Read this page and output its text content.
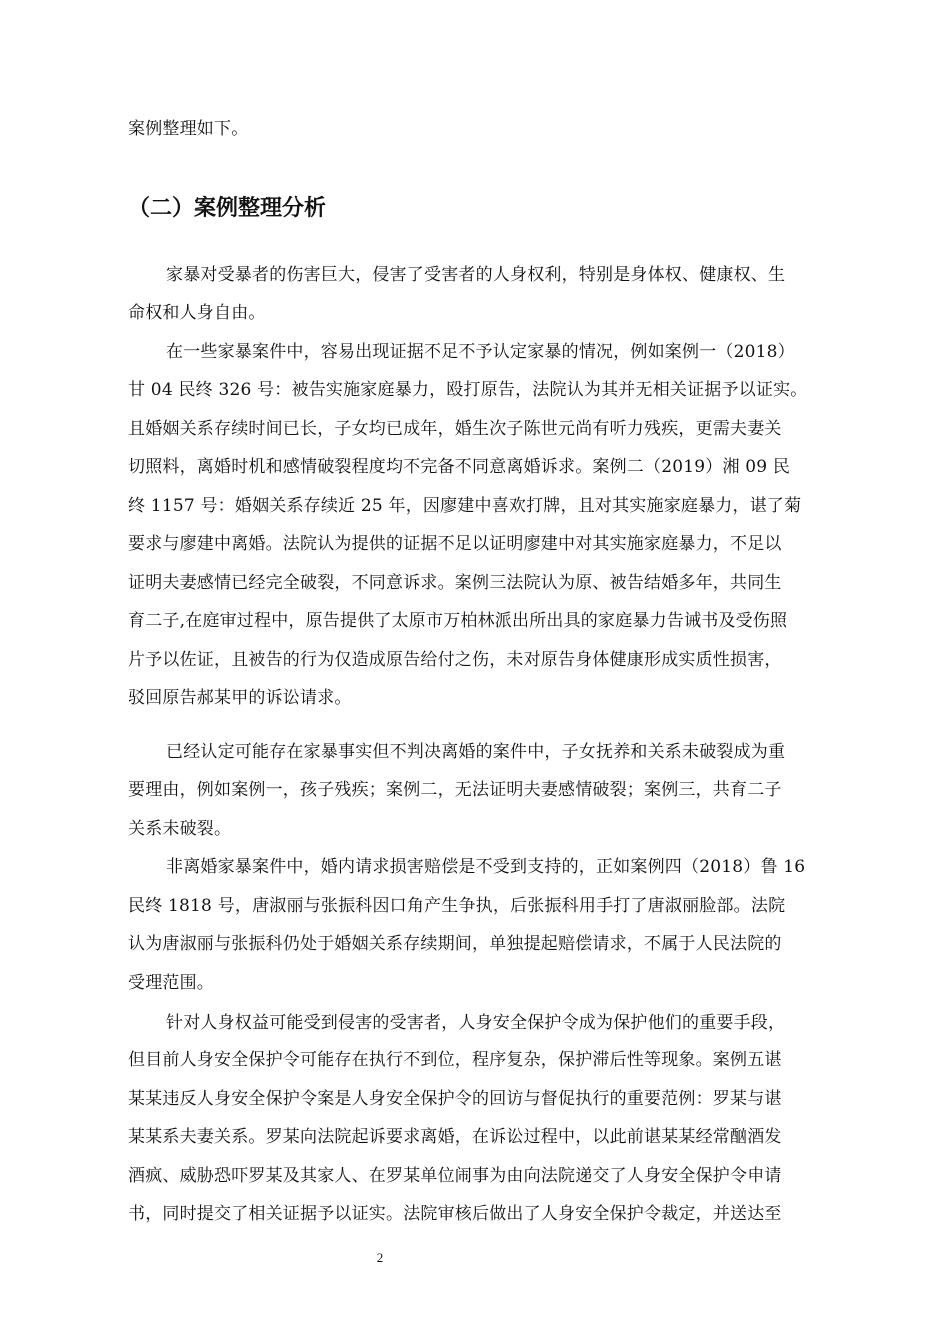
案例整理如下。
（二）案例整理分析
家暴对受暴者的伤害巨大，侵害了受害者的人身权利，特别是身体权、健康权、生
命权和人身自由。
在一些家暴案件中，容易出现证据不足不予认定家暴的情况，例如案例一（2018）
甘 04 民终 326 号：被告实施家庭暴力，殴打原告，法院认为其并无相关证据予以证实。
且婚姻关系存续时间已长，子女均已成年，婚生次子陈世元尚有听力残疾，更需夫妻关
切照料，离婚时机和感情破裂程度均不完备不同意离婚诉求。案例二（2019）湘 09 民
终 1157 号：婚姻关系存续近 25 年，因廖建中喜欢打牌，且对其实施家庭暴力，谌了菊
要求与廖建中离婚。法院认为提供的证据不足以证明廖建中对其实施家庭暴力，不足以
证明夫妻感情已经完全破裂，不同意诉求。案例三法院认为原、被告结婚多年，共同生
育二子,在庭审过程中，原告提供了太原市万柏林派出所出具的家庭暴力告诫书及受伤照
片予以佐证，且被告的行为仅造成原告给付之伤，未对原告身体健康形成实质性损害，
驳回原告郝某甲的诉讼请求。
已经认定可能存在家暴事实但不判决离婚的案件中，子女抚养和关系未破裂成为重
要理由，例如案例一，孩子残疾；案例二，无法证明夫妻感情破裂；案例三，共育二子
关系未破裂。
非离婚家暴案件中，婚内请求损害赔偿是不受到支持的，正如案例四（2018）鲁 16
民终 1818 号，唐淑丽与张振科因口角产生争执，后张振科用手打了唐淑丽脸部。法院
认为唐淑丽与张振科仍处于婚姻关系存续期间，单独提起赔偿请求，不属于人民法院的
受理范围。
针对人身权益可能受到侵害的受害者，人身安全保护令成为保护他们的重要手段，
但目前人身安全保护令可能存在执行不到位，程序复杂，保护滞后性等现象。案例五谌
某某违反人身安全保护令案是人身安全保护令的回访与督促执行的重要范例：罗某与谌
某某系夫妻关系。罗某向法院起诉要求离婚，在诉讼过程中，以此前谌某某经常酗酒发
酒疯、威胁恐吓罗某及其家人、在罗某单位闹事为由向法院递交了人身安全保护令申请
书，同时提交了相关证据予以证实。法院审核后做出了人身安全保护令裁定，并送达至
2
